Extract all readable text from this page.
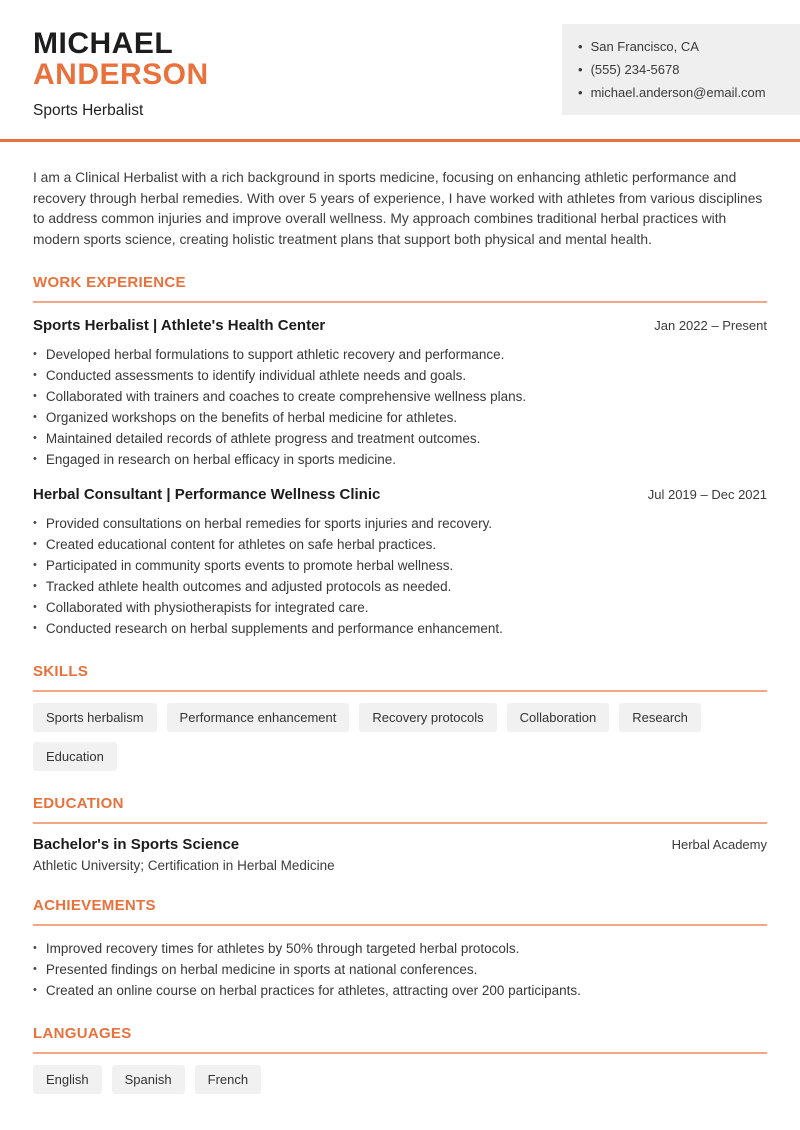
MICHAEL
ANDERSON
Sports Herbalist
• San Francisco, CA
• (555) 234-5678
• michael.anderson@email.com

I am a Clinical Herbalist with a rich background in sports medicine, focusing on enhancing athletic performance and recovery through herbal remedies. With over 5 years of experience, I have worked with athletes from various disciplines to address common injuries and improve overall wellness. My approach combines traditional herbal practices with modern sports science, creating holistic treatment plans that support both physical and mental health.

WORK EXPERIENCE
Sports Herbalist | Athlete's Health Center	Jan 2022 – Present
• Developed herbal formulations to support athletic recovery and performance.
• Conducted assessments to identify individual athlete needs and goals.
• Collaborated with trainers and coaches to create comprehensive wellness plans.
• Organized workshops on the benefits of herbal medicine for athletes.
• Maintained detailed records of athlete progress and treatment outcomes.
• Engaged in research on herbal efficacy in sports medicine.
Herbal Consultant | Performance Wellness Clinic	Jul 2019 – Dec 2021
• Provided consultations on herbal remedies for sports injuries and recovery.
• Created educational content for athletes on safe herbal practices.
• Participated in community sports events to promote herbal wellness.
• Tracked athlete health outcomes and adjusted protocols as needed.
• Collaborated with physiotherapists for integrated care.
• Conducted research on herbal supplements and performance enhancement.
SKILLS
Sports herbalism	Performance enhancement	Recovery protocols	Collaboration	Research
Education
EDUCATION
Bachelor's in Sports Science	Herbal Academy
Athletic University; Certification in Herbal Medicine
ACHIEVEMENTS
• Improved recovery times for athletes by 50% through targeted herbal protocols.
• Presented findings on herbal medicine in sports at national conferences.
• Created an online course on herbal practices for athletes, attracting over 200 participants.
LANGUAGES
English	Spanish	French
